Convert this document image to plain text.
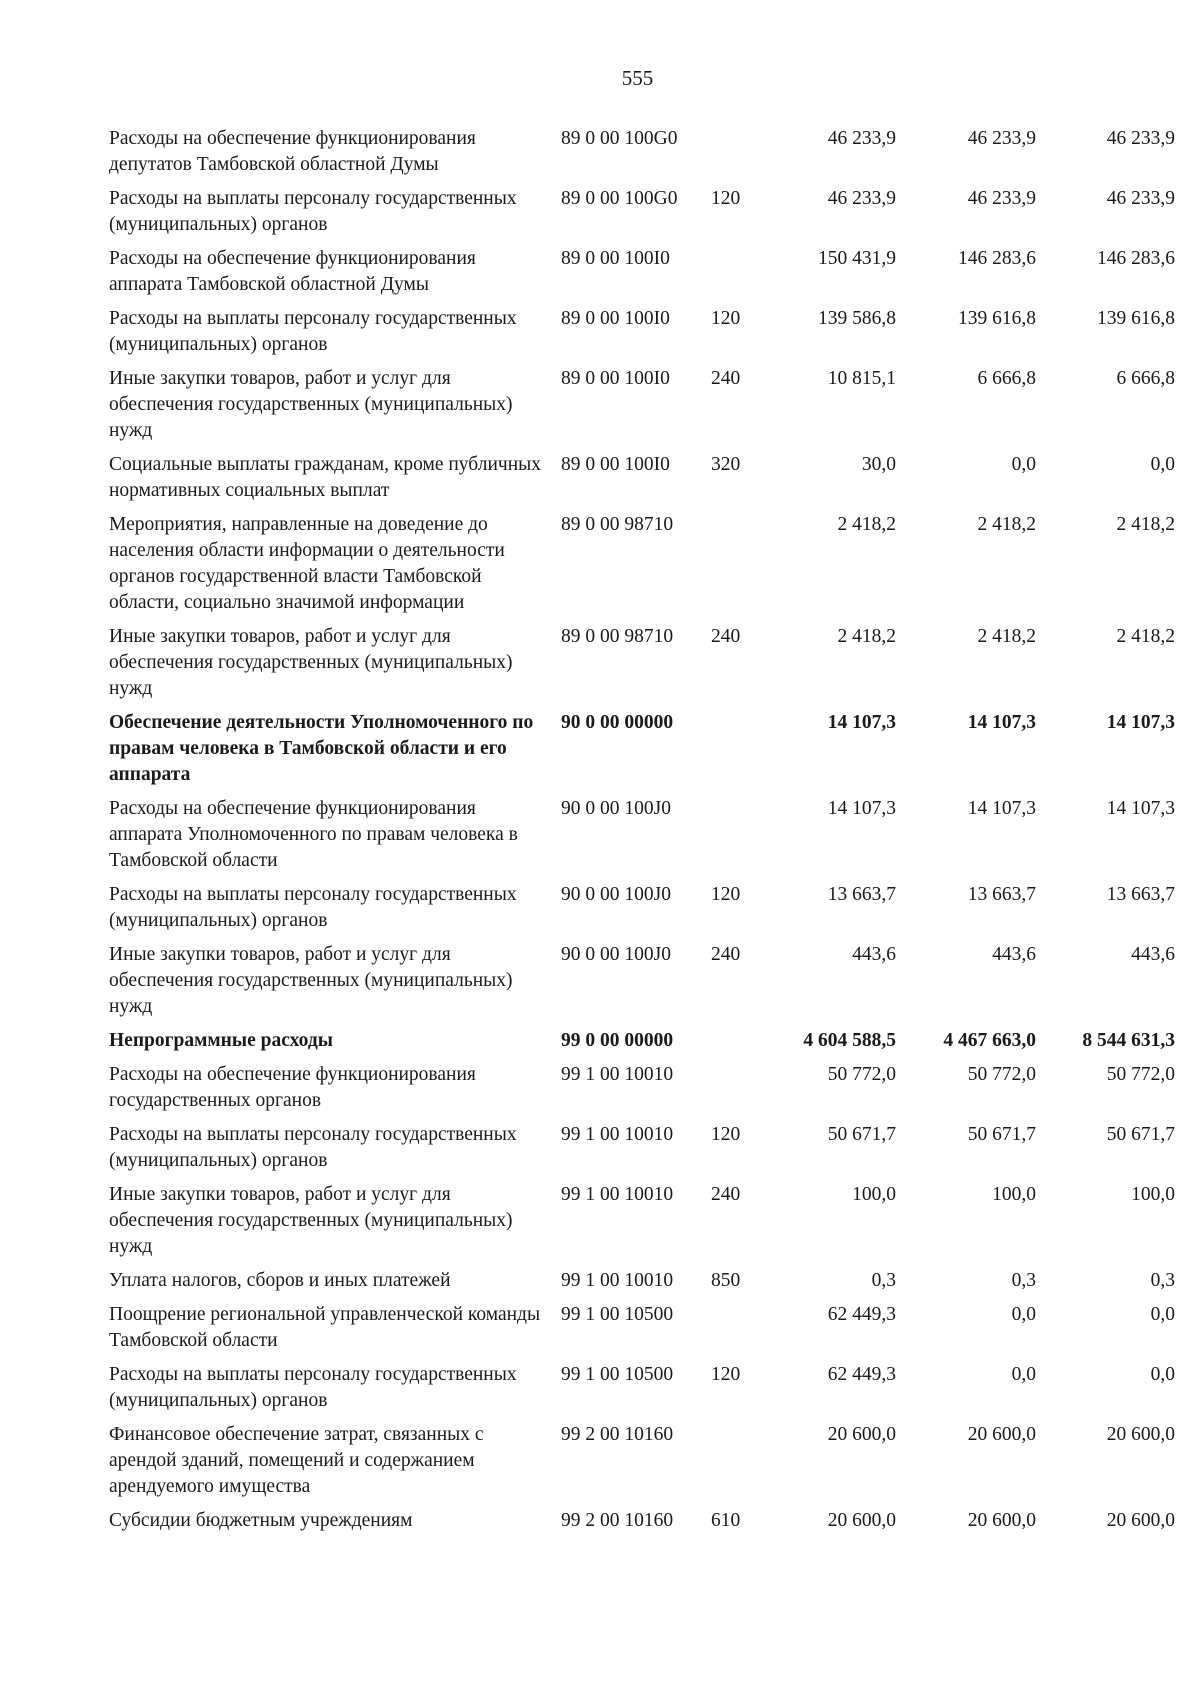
555
Расходы на обеспечение функционирования депутатов Тамбовской областной Думы	89 0 00 100G0		46 233,9	46 233,9	46 233,9
Расходы на выплаты персоналу государственных (муниципальных) органов	89 0 00 100G0	120	46 233,9	46 233,9	46 233,9
Расходы на обеспечение функционирования аппарата Тамбовской областной Думы	89 0 00 100I0		150 431,9	146 283,6	146 283,6
Расходы на выплаты персоналу государственных (муниципальных) органов	89 0 00 100I0	120	139 586,8	139 616,8	139 616,8
Иные закупки товаров, работ и услуг для обеспечения государственных (муниципальных) нужд	89 0 00 100I0	240	10 815,1	6 666,8	6 666,8
Социальные выплаты гражданам, кроме публичных нормативных социальных выплат	89 0 00 100I0	320	30,0	0,0	0,0
Мероприятия, направленные на доведение до населения области информации о деятельности органов государственной власти Тамбовской области, социально значимой информации	89 0 00 98710		2 418,2	2 418,2	2 418,2
Иные закупки товаров, работ и услуг для обеспечения государственных (муниципальных) нужд	89 0 00 98710	240	2 418,2	2 418,2	2 418,2
Обеспечение деятельности Уполномоченного по правам человека в Тамбовской области и его аппарата	90 0 00 00000		14 107,3	14 107,3	14 107,3
Расходы на обеспечение функционирования аппарата Уполномоченного по правам человека в Тамбовской области	90 0 00 100J0		14 107,3	14 107,3	14 107,3
Расходы на выплаты персоналу государственных (муниципальных) органов	90 0 00 100J0	120	13 663,7	13 663,7	13 663,7
Иные закупки товаров, работ и услуг для обеспечения государственных (муниципальных) нужд	90 0 00 100J0	240	443,6	443,6	443,6
Непрограммные расходы	99 0 00 00000		4 604 588,5	4 467 663,0	8 544 631,3
Расходы на обеспечение функционирования государственных органов	99 1 00 10010		50 772,0	50 772,0	50 772,0
Расходы на выплаты персоналу государственных (муниципальных) органов	99 1 00 10010	120	50 671,7	50 671,7	50 671,7
Иные закупки товаров, работ и услуг для обеспечения государственных (муниципальных) нужд	99 1 00 10010	240	100,0	100,0	100,0
Уплата налогов, сборов и иных платежей	99 1 00 10010	850	0,3	0,3	0,3
Поощрение региональной управленческой команды Тамбовской области	99 1 00 10500		62 449,3	0,0	0,0
Расходы на выплаты персоналу государственных (муниципальных) органов	99 1 00 10500	120	62 449,3	0,0	0,0
Финансовое обеспечение затрат, связанных с арендой зданий, помещений и содержанием арендуемого имущества	99 2 00 10160		20 600,0	20 600,0	20 600,0
Субсидии бюджетным учреждениям	99 2 00 10160	610	20 600,0	20 600,0	20 600,0
